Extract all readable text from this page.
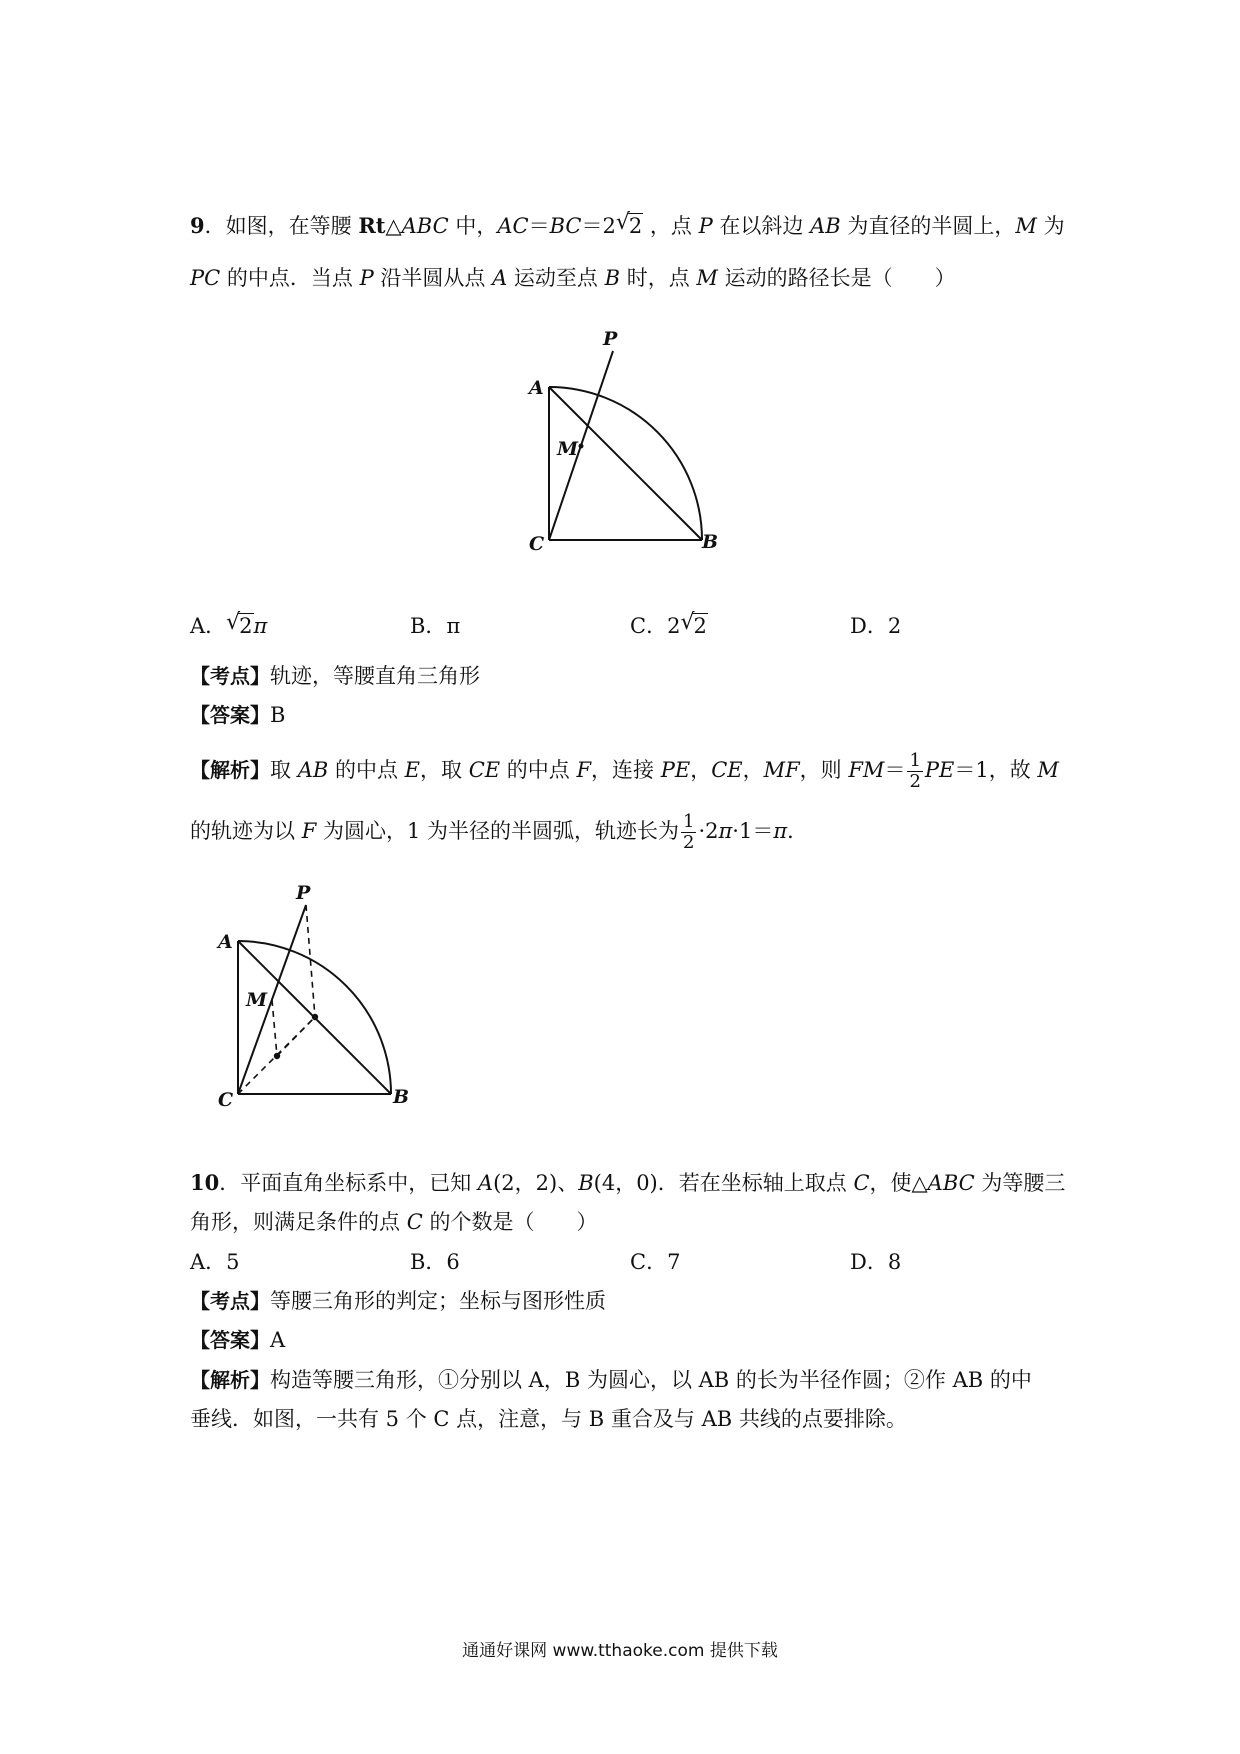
9．如图，在等腰 Rt△ABC 中，AC＝BC＝2 √ 2 ，点 P 在以斜边 AB 为直径的半圆上，M 为
PC 的中点．当点 P 沿半圆从点 A 运动至点 B 时，点 M 运动的路径长是（　　）
P
A
M
C	B
A． √ 2π	B．π	C．2 √ 2	D．2
【考点】轨迹，等腰直角三角形
【答案】B
【解析】取 AB 的中点 E，取 CE 的中点 F，连接 PE，CE，MF，则 $FM= \frac{1}{2} PE=1$，故 M
的轨迹为以 F 为圆心，1 为半径的半圆弧，轨迹长为 $\frac{1}{2} \cdot 2\pi\cdot 1=\pi$．
P
A
M
C	B
10．平面直角坐标系中，已知 A(2，2)、B(4，0)．若在坐标轴上取点 C，使△ABC 为等腰三
角形，则满足条件的点 C 的个数是（　　）
A．5	B．6	C．7	D．8
【考点】等腰三角形的判定；坐标与图形性质
【答案】A
【解析】构造等腰三角形，①分别以 A，B 为圆心，以 AB 的长为半径作圆；②作 AB 的中
垂线．如图，一共有 5 个 C 点，注意，与 B 重合及与 AB 共线的点要排除。
通通好课网 www.tthaoke.com 提供下载
